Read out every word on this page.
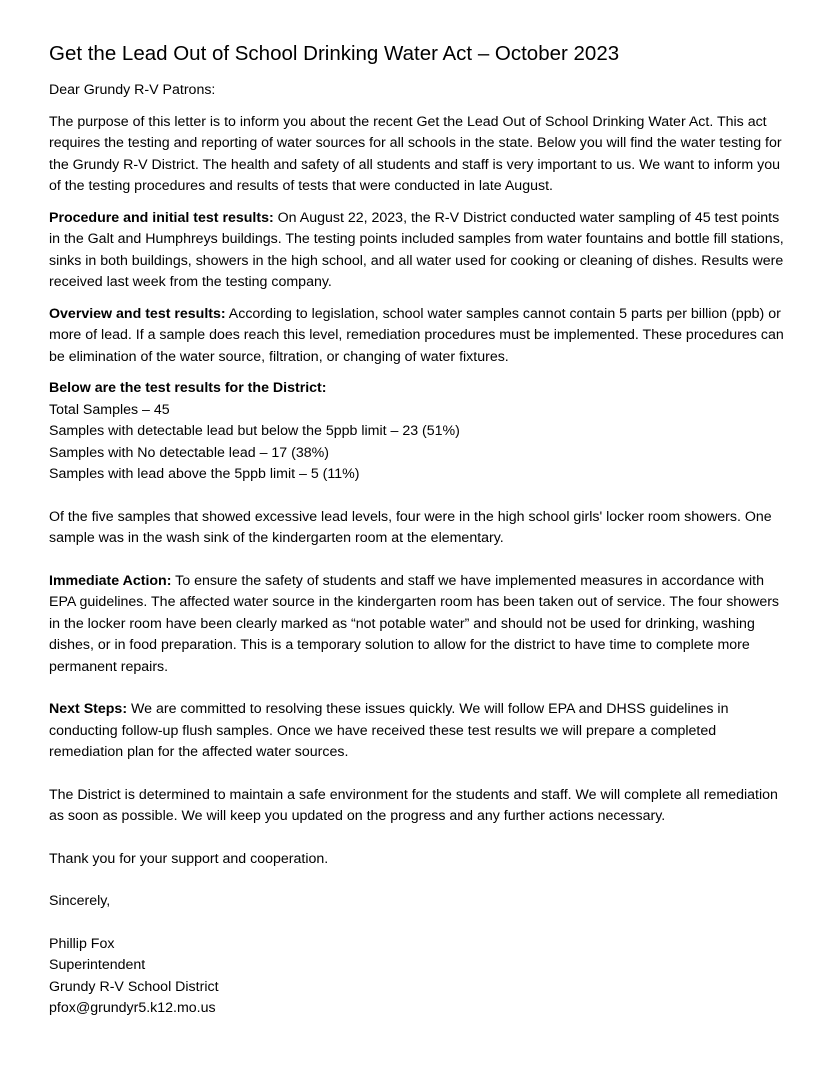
Get the Lead Out of School Drinking Water Act – October 2023

Dear Grundy R-V Patrons:

The purpose of this letter is to inform you about the recent Get the Lead Out of School Drinking Water Act. This act requires the testing and reporting of water sources for all schools in the state. Below you will find the water testing for the Grundy R-V District. The health and safety of all students and staff is very important to us. We want to inform you of the testing procedures and results of tests that were conducted in late August.

Procedure and initial test results: On August 22, 2023, the R-V District conducted water sampling of 45 test points in the Galt and Humphreys buildings. The testing points included samples from water fountains and bottle fill stations, sinks in both buildings, showers in the high school, and all water used for cooking or cleaning of dishes. Results were received last week from the testing company.

Overview and test results: According to legislation, school water samples cannot contain 5 parts per billion (ppb) or more of lead. If a sample does reach this level, remediation procedures must be implemented. These procedures can be elimination of the water source, filtration, or changing of water fixtures.

Below are the test results for the District:
Total Samples – 45
Samples with detectable lead but below the 5ppb limit – 23 (51%)
Samples with No detectable lead – 17 (38%)
Samples with lead above the 5ppb limit – 5 (11%)

Of the five samples that showed excessive lead levels, four were in the high school girls' locker room showers. One sample was in the wash sink of the kindergarten room at the elementary.

Immediate Action: To ensure the safety of students and staff we have implemented measures in accordance with EPA guidelines. The affected water source in the kindergarten room has been taken out of service. The four showers in the locker room have been clearly marked as “not potable water” and should not be used for drinking, washing dishes, or in food preparation. This is a temporary solution to allow for the district to have time to complete more permanent repairs.

Next Steps: We are committed to resolving these issues quickly. We will follow EPA and DHSS guidelines in conducting follow-up flush samples. Once we have received these test results we will prepare a completed remediation plan for the affected water sources.

The District is determined to maintain a safe environment for the students and staff. We will complete all remediation as soon as possible. We will keep you updated on the progress and any further actions necessary.

Thank you for your support and cooperation.

Sincerely,

Phillip Fox
Superintendent
Grundy R-V School District
pfox@grundyr5.k12.mo.us
